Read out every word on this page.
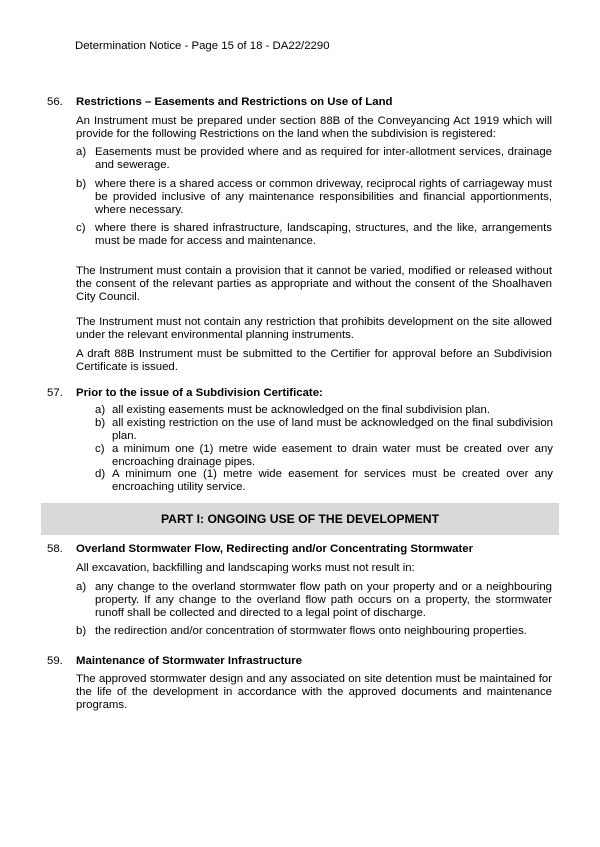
Determination Notice - Page 15 of 18 - DA22/2290
56. Restrictions – Easements and Restrictions on Use of Land
An Instrument must be prepared under section 88B of the Conveyancing Act 1919 which will provide for the following Restrictions on the land when the subdivision is registered:
a) Easements must be provided where and as required for inter-allotment services, drainage and sewerage.
b) where there is a shared access or common driveway, reciprocal rights of carriageway must be provided inclusive of any maintenance responsibilities and financial apportionments, where necessary.
c) where there is shared infrastructure, landscaping, structures, and the like, arrangements must be made for access and maintenance.
The Instrument must contain a provision that it cannot be varied, modified or released without the consent of the relevant parties as appropriate and without the consent of the Shoalhaven City Council.
The Instrument must not contain any restriction that prohibits development on the site allowed under the relevant environmental planning instruments.
A draft 88B Instrument must be submitted to the Certifier for approval before an Subdivision Certificate is issued.
57. Prior to the issue of a Subdivision Certificate:
a) all existing easements must be acknowledged on the final subdivision plan.
b) all existing restriction on the use of land must be acknowledged on the final subdivision plan.
c) a minimum one (1) metre wide easement to drain water must be created over any encroaching drainage pipes.
d) A minimum one (1) metre wide easement for services must be created over any encroaching utility service.
PART I: ONGOING USE OF THE DEVELOPMENT
58. Overland Stormwater Flow, Redirecting and/or Concentrating Stormwater
All excavation, backfilling and landscaping works must not result in:
a) any change to the overland stormwater flow path on your property and or a neighbouring property. If any change to the overland flow path occurs on a property, the stormwater runoff shall be collected and directed to a legal point of discharge.
b) the redirection and/or concentration of stormwater flows onto neighbouring properties.
59. Maintenance of Stormwater Infrastructure
The approved stormwater design and any associated on site detention must be maintained for the life of the development in accordance with the approved documents and maintenance programs.
